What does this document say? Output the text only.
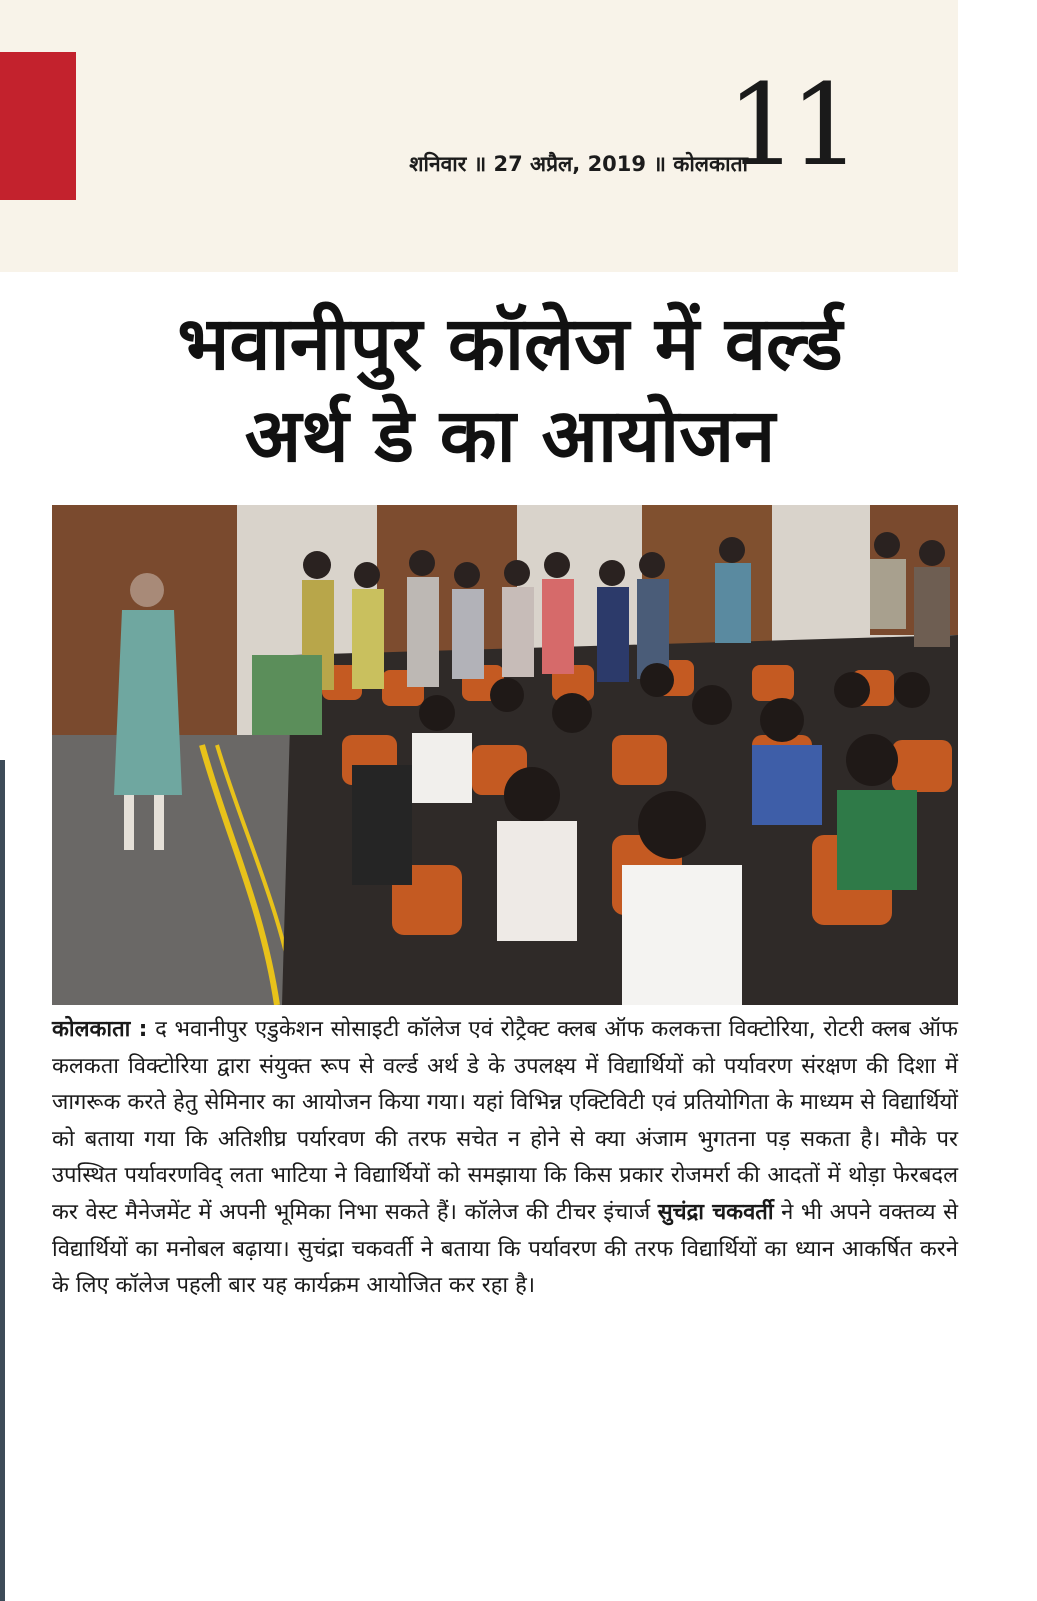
शनिवार ॥ 27 अप्रैल, 2019 ॥ कोलकाता
11
भवानीपुर कॉलेज में वर्ल्ड
अर्थ डे का आयोजन

कोलकाता : द भवानीपुर एडुकेशन सोसाइटी कॉलेज एवं रोट्रैक्ट क्लब ऑफ कलकत्ता विक्टोरिया, रोटरी क्लब ऑफ कलकता विक्टोरिया द्वारा संयुक्त रूप से वर्ल्ड अर्थ डे के उपलक्ष्य में विद्यार्थियों को पर्यावरण संरक्षण की दिशा में जागरूक करते हेतु सेमिनार का आयोजन किया गया। यहां विभिन्न एक्टिविटी एवं प्रतियोगिता के माध्यम से विद्यार्थियों को बताया गया कि अतिशीघ्र पर्यारवण की तरफ सचेत न होने से क्या अंजाम भुगतना पड़ सकता है। मौके पर उपस्थित पर्यावरणविद् लता भाटिया ने विद्यार्थियों को समझाया कि किस प्रकार रोजमर्रा की आदतों में थोड़ा फेरबदल कर वेस्ट मैनेजमेंट में अपनी भूमिका निभा सकते हैं। कॉलेज की टीचर इंचार्ज सुचंद्रा चकवर्ती ने भी अपने वक्तव्य से विद्यार्थियों का मनोबल बढ़ाया। सुचंद्रा चकवर्ती ने बताया कि पर्यावरण की तरफ विद्यार्थियों का ध्यान आकर्षित करने के लिए कॉलेज पहली बार यह कार्यक्रम आयोजित कर रहा है।
